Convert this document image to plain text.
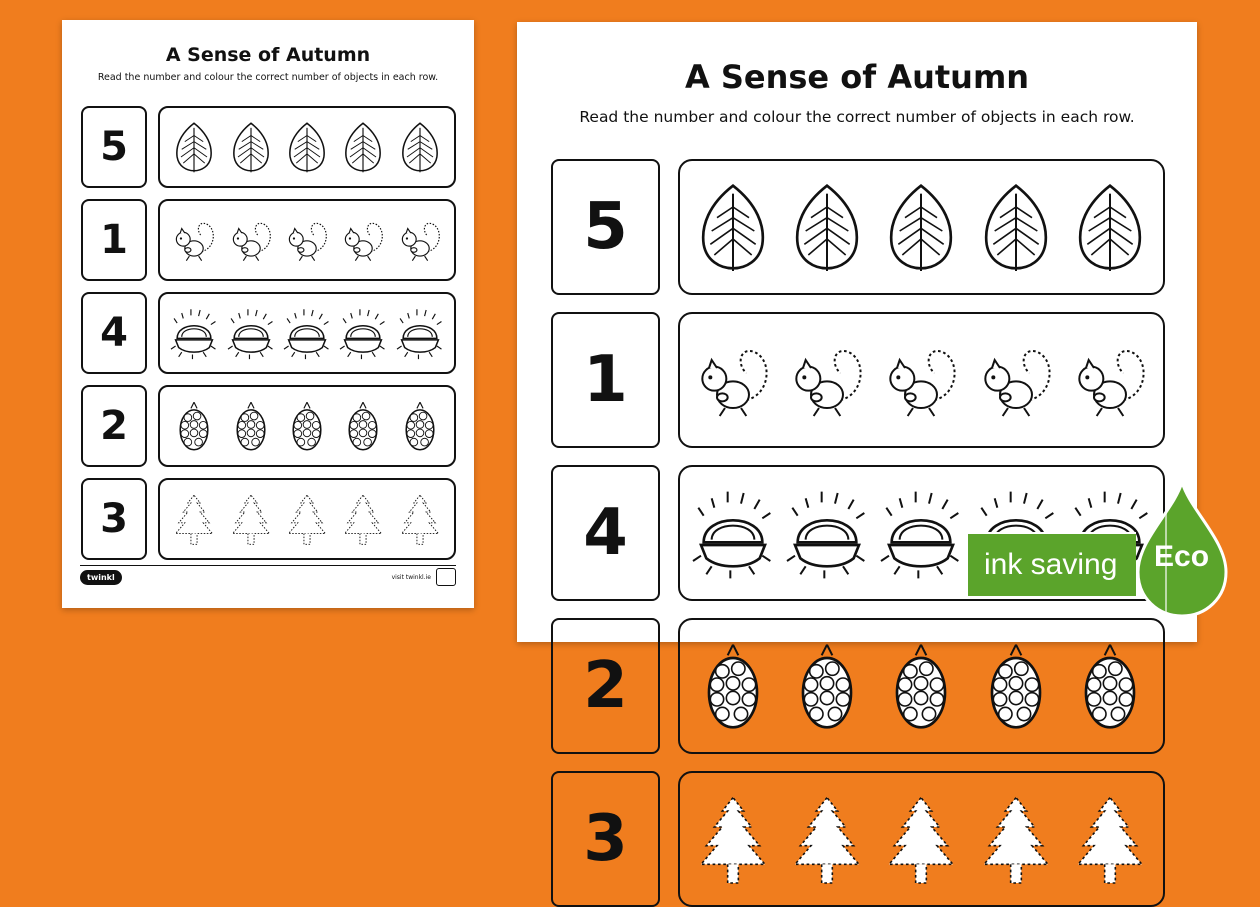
A Sense of Autumn
Read the number and colour the correct number of objects in each row.
5
1
4
2
3
twinkl	visit twinkl.ie
A Sense of Autumn
Read the number and colour the correct number of objects in each row.
5
1
4
2
3
ink saving Eco
